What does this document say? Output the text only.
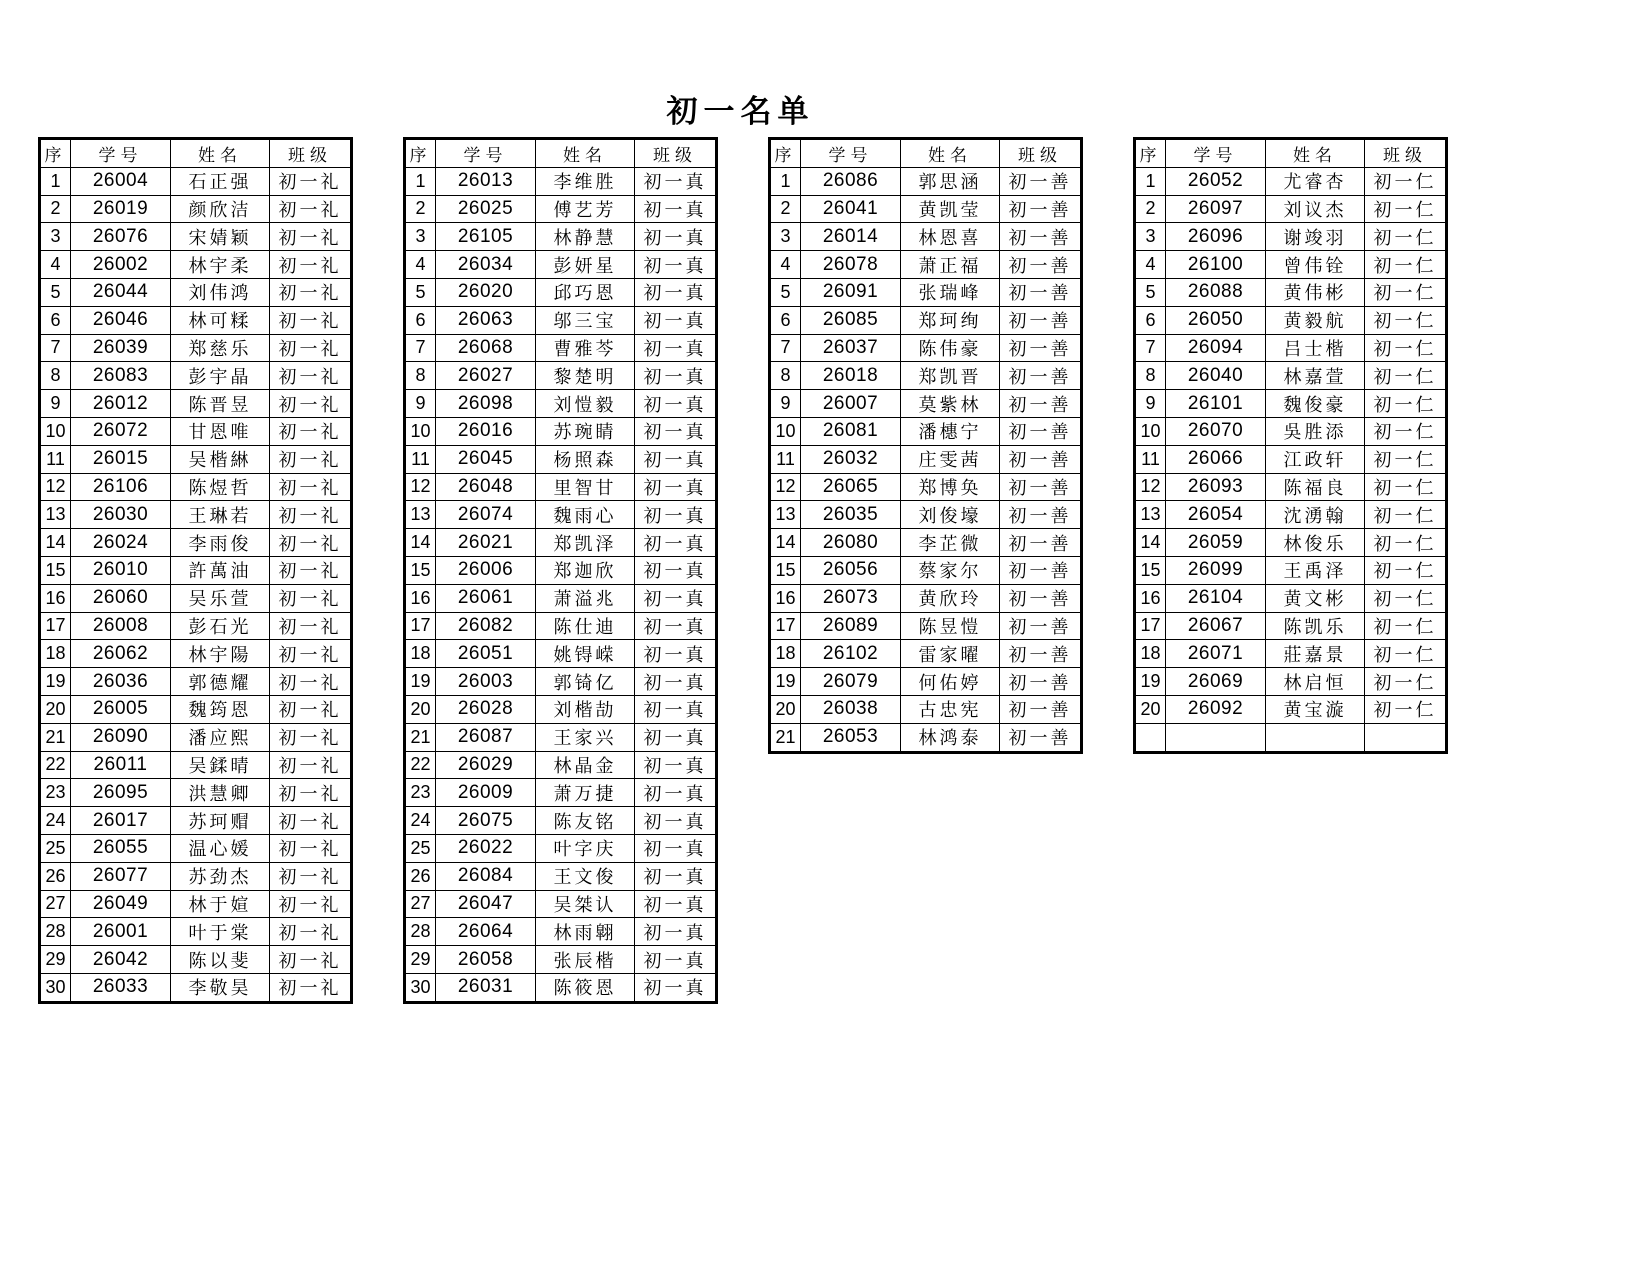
初一名单
序	学号	姓名	班级
1	26004	石正强	初一礼
2	26019	颜欣洁	初一礼
3	26076	宋婧颖	初一礼
4	26002	林宇柔	初一礼
5	26044	刘伟鸿	初一礼
6	26046	林可糅	初一礼
7	26039	郑慈乐	初一礼
8	26083	彭宇晶	初一礼
9	26012	陈晋昱	初一礼
10	26072	甘恩唯	初一礼
11	26015	吴楷綝	初一礼
12	26106	陈煜哲	初一礼
13	26030	王琳若	初一礼
14	26024	李雨俊	初一礼
15	26010	許萬油	初一礼
16	26060	吴乐萱	初一礼
17	26008	彭石光	初一礼
18	26062	林宇陽	初一礼
19	26036	郭德耀	初一礼
20	26005	魏筠恩	初一礼
21	26090	潘应熙	初一礼
22	26011	吴鍒晴	初一礼
23	26095	洪慧卿	初一礼
24	26017	苏珂赗	初一礼
25	26055	温心媛	初一礼
26	26077	苏劲杰	初一礼
27	26049	林于媗	初一礼
28	26001	叶于棠	初一礼
29	26042	陈以斐	初一礼
30	26033	李敬昊	初一礼
序	学号	姓名	班级
1	26013	李维胜	初一真
2	26025	傅艺芳	初一真
3	26105	林静慧	初一真
4	26034	彭妍星	初一真
5	26020	邱巧恩	初一真
6	26063	邬三宝	初一真
7	26068	曹雅芩	初一真
8	26027	黎楚明	初一真
9	26098	刘愷毅	初一真
10	26016	苏琬睛	初一真
11	26045	杨照森	初一真
12	26048	里智甘	初一真
13	26074	魏雨心	初一真
14	26021	郑凯泽	初一真
15	26006	郑迦欣	初一真
16	26061	萧溢兆	初一真
17	26082	陈仕迪	初一真
18	26051	姚锝嵘	初一真
19	26003	郭锜亿	初一真
20	26028	刘楷劼	初一真
21	26087	王家兴	初一真
22	26029	林晶金	初一真
23	26009	萧万捷	初一真
24	26075	陈友铭	初一真
25	26022	叶字庆	初一真
26	26084	王文俊	初一真
27	26047	吴桀认	初一真
28	26064	林雨翺	初一真
29	26058	张辰楷	初一真
30	26031	陈筱恩	初一真
序	学号	姓名	班级
1	26086	郭思涵	初一善
2	26041	黄凯莹	初一善
3	26014	林恩喜	初一善
4	26078	萧正福	初一善
5	26091	张瑞峰	初一善
6	26085	郑珂绚	初一善
7	26037	陈伟豪	初一善
8	26018	郑凯晋	初一善
9	26007	莫紫林	初一善
10	26081	潘橞宁	初一善
11	26032	庄雯茜	初一善
12	26065	郑博奂	初一善
13	26035	刘俊壕	初一善
14	26080	李芷微	初一善
15	26056	蔡家尔	初一善
16	26073	黄欣玲	初一善
17	26089	陈昱愷	初一善
18	26102	雷家曜	初一善
19	26079	何佑婷	初一善
20	26038	古忠宪	初一善
21	26053	林鸿泰	初一善
序	学号	姓名	班级
1	26052	尤睿杏	初一仁
2	26097	刘议杰	初一仁
3	26096	谢竣羽	初一仁
4	26100	曾伟铨	初一仁
5	26088	黄伟彬	初一仁
6	26050	黄毅航	初一仁
7	26094	吕士楷	初一仁
8	26040	林嘉萱	初一仁
9	26101	魏俊豪	初一仁
10	26070	吳胜添	初一仁
11	26066	江政轩	初一仁
12	26093	陈福良	初一仁
13	26054	沈湧翰	初一仁
14	26059	林俊乐	初一仁
15	26099	王禹泽	初一仁
16	26104	黄文彬	初一仁
17	26067	陈凯乐	初一仁
18	26071	莊嘉景	初一仁
19	26069	林启恒	初一仁
20	26092	黄宝漩	初一仁
